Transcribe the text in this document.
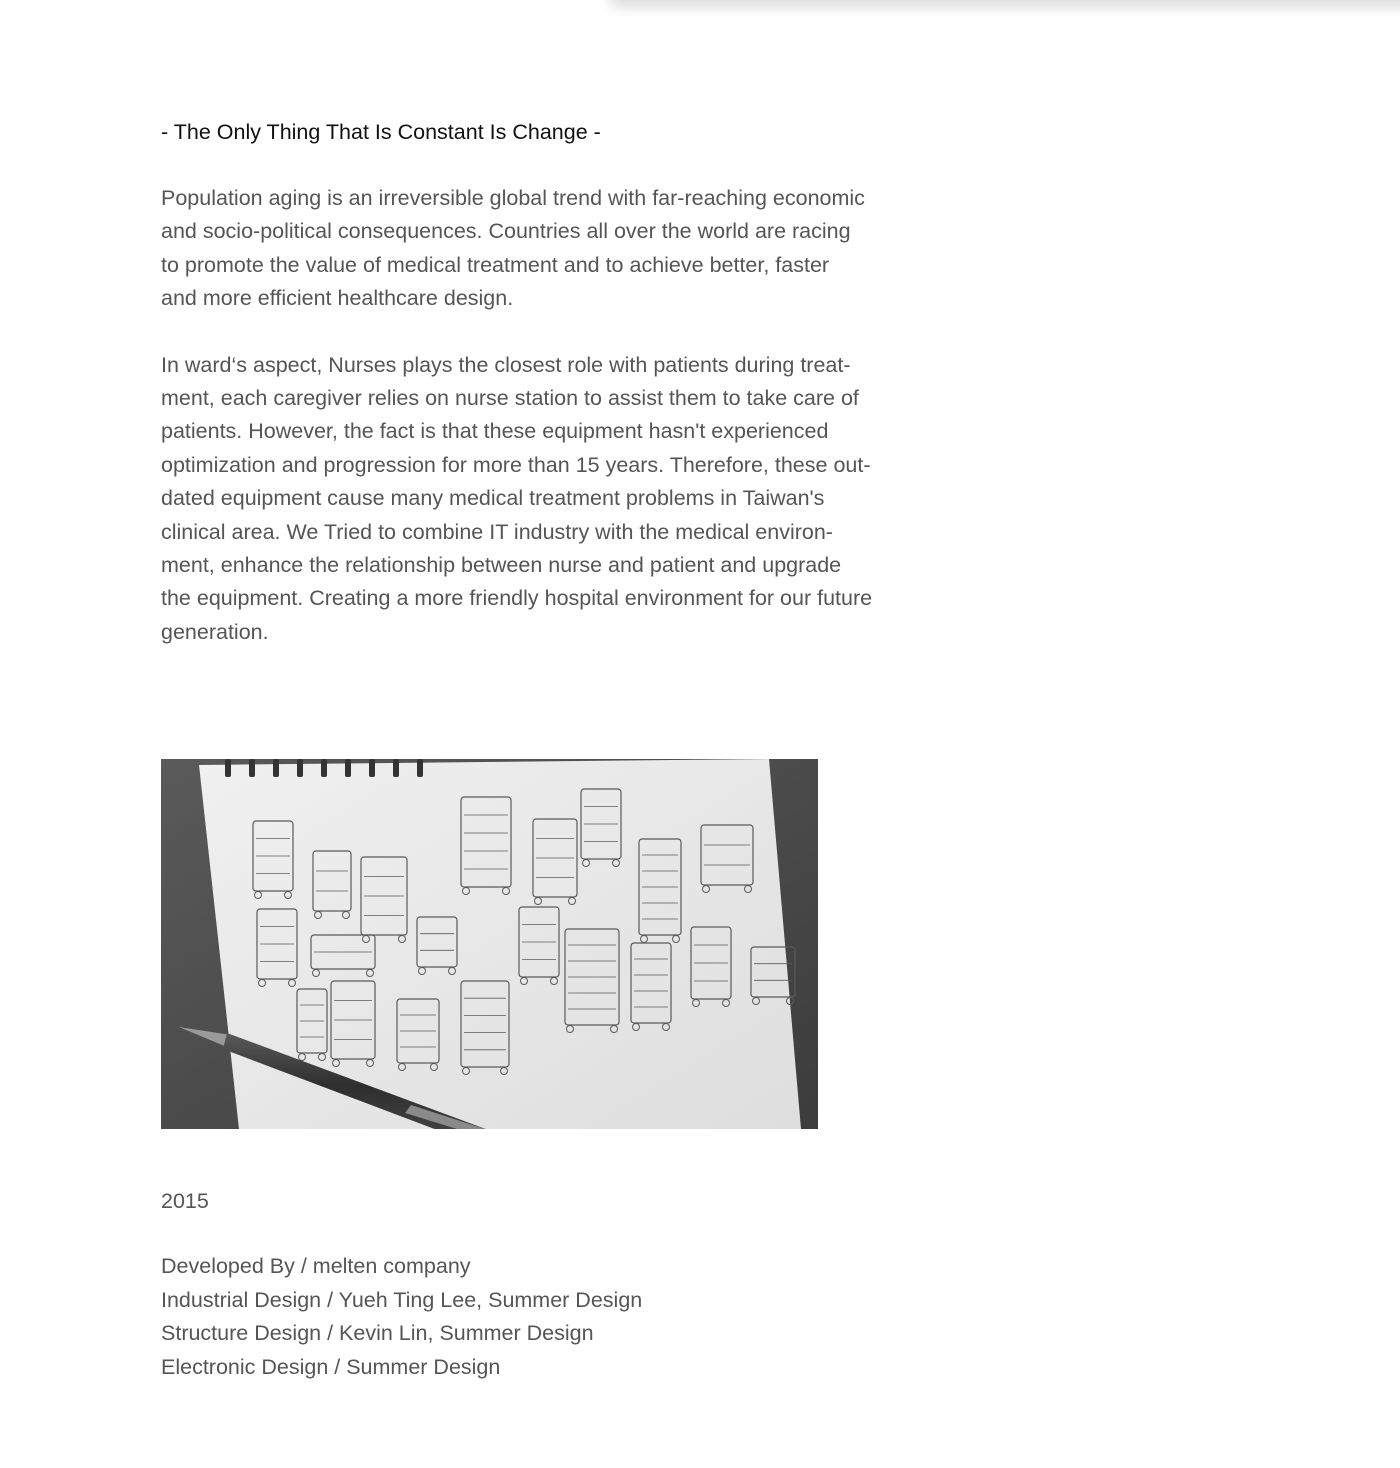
- The Only Thing That Is Constant Is Change -

Population aging is an irreversible global trend with far-reaching economic
and socio-political consequences. Countries all over the world are racing
to promote the value of medical treatment and to achieve better, faster
and more efficient healthcare design.

In ward‘s aspect, Nurses plays the closest role with patients during treat-
ment, each caregiver relies on nurse station to assist them to take care of
patients. However, the fact is that these equipment hasn't experienced
optimization and progression for more than 15 years. Therefore, these out-
dated equipment cause many medical treatment problems in Taiwan's
clinical area. We Tried to combine IT industry with the medical environ-
ment, enhance the relationship between nurse and patient and upgrade
the equipment. Creating a more friendly hospital environment for our future
generation.

2015

Developed By / melten company
Industrial Design / Yueh Ting Lee, Summer Design
Structure Design / Kevin Lin, Summer Design
Electronic Design / Summer Design
